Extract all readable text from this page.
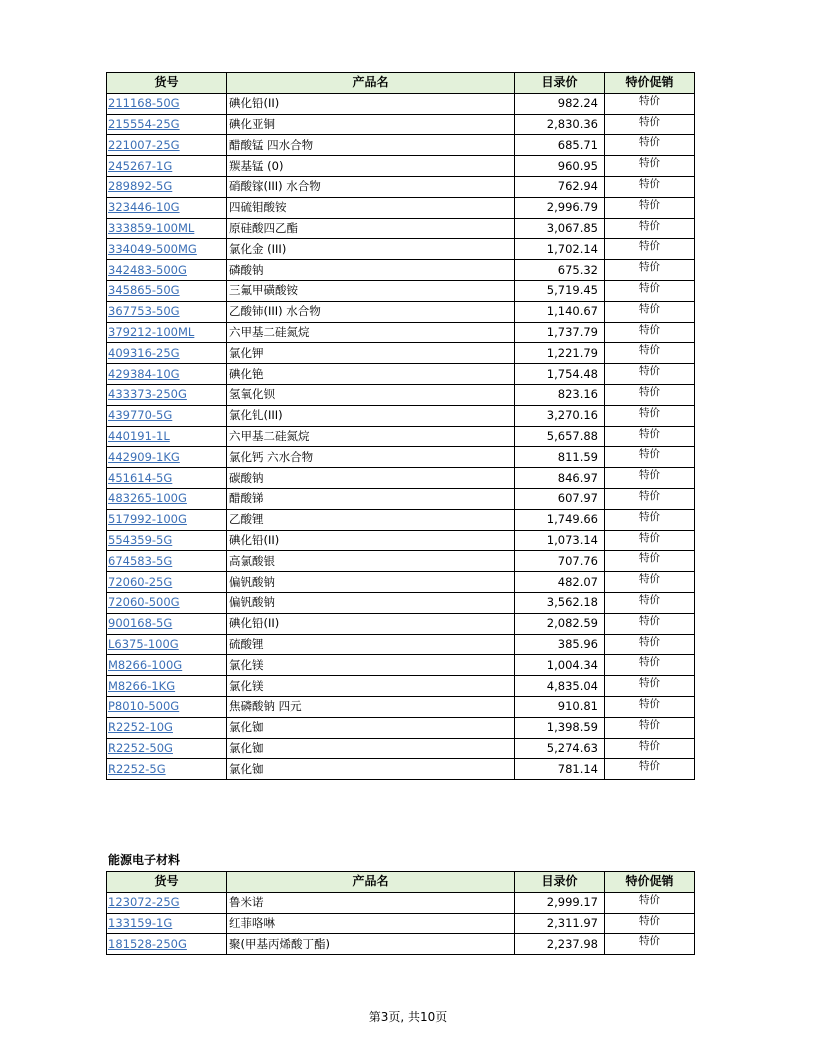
货号	产品名	目录价	特价促销
211168-50G	碘化铅(II)	982.24	特价
215554-25G	碘化亚铜	2,830.36	特价
221007-25G	醋酸锰 四水合物	685.71	特价
245267-1G	羰基锰 (0)	960.95	特价
289892-5G	硝酸镓(III) 水合物	762.94	特价
323446-10G	四硫钼酸铵	2,996.79	特价
333859-100ML	原硅酸四乙酯	3,067.85	特价
334049-500MG	氯化金 (III)	1,702.14	特价
342483-500G	磷酸钠	675.32	特价
345865-50G	三氟甲磺酸铵	5,719.45	特价
367753-50G	乙酸铈(III) 水合物	1,140.67	特价
379212-100ML	六甲基二硅氮烷	1,737.79	特价
409316-25G	氯化钾	1,221.79	特价
429384-10G	碘化铯	1,754.48	特价
433373-250G	氢氧化钡	823.16	特价
439770-5G	氯化钆(III)	3,270.16	特价
440191-1L	六甲基二硅氮烷	5,657.88	特价
442909-1KG	氯化钙 六水合物	811.59	特价
451614-5G	碳酸钠	846.97	特价
483265-100G	醋酸锑	607.97	特价
517992-100G	乙酸锂	1,749.66	特价
554359-5G	碘化铅(II)	1,073.14	特价
674583-5G	高氯酸银	707.76	特价
72060-25G	偏钒酸钠	482.07	特价
72060-500G	偏钒酸钠	3,562.18	特价
900168-5G	碘化铅(II)	2,082.59	特价
L6375-100G	硫酸锂	385.96	特价
M8266-100G	氯化镁	1,004.34	特价
M8266-1KG	氯化镁	4,835.04	特价
P8010-500G	焦磷酸钠 四元	910.81	特价
R2252-10G	氯化铷	1,398.59	特价
R2252-50G	氯化铷	5,274.63	特价
R2252-5G	氯化铷	781.14	特价
能源电子材料
货号	产品名	目录价	特价促销
123072-25G	鲁米诺	2,999.17	特价
133159-1G	红菲咯啉	2,311.97	特价
181528-250G	聚(甲基丙烯酸丁酯)	2,237.98	特价
第3页, 共10页
